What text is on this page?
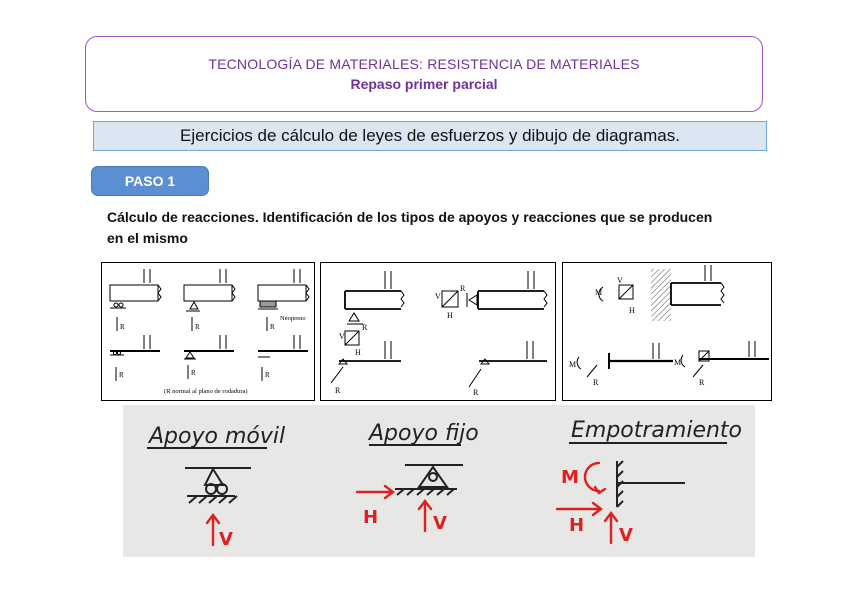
TECNOLOGÍA DE MATERIALES: RESISTENCIA DE MATERIALES
Repaso primer parcial
Ejercicios de cálculo de leyes de esfuerzos y dibujo de diagramas.
PASO 1
Cálculo de reacciones. Identificación de los tipos de apoyos y reacciones que se producen en el mismo
R	R	R
Neopreno
R	R	R
(R normal al plano de rodadura)
R
V
H
R
R
V
H
R
M
V
H
M
R
M
R
Apoyo móvil	Apoyo fijo	Empotramiento
V
H	V
M
H V
